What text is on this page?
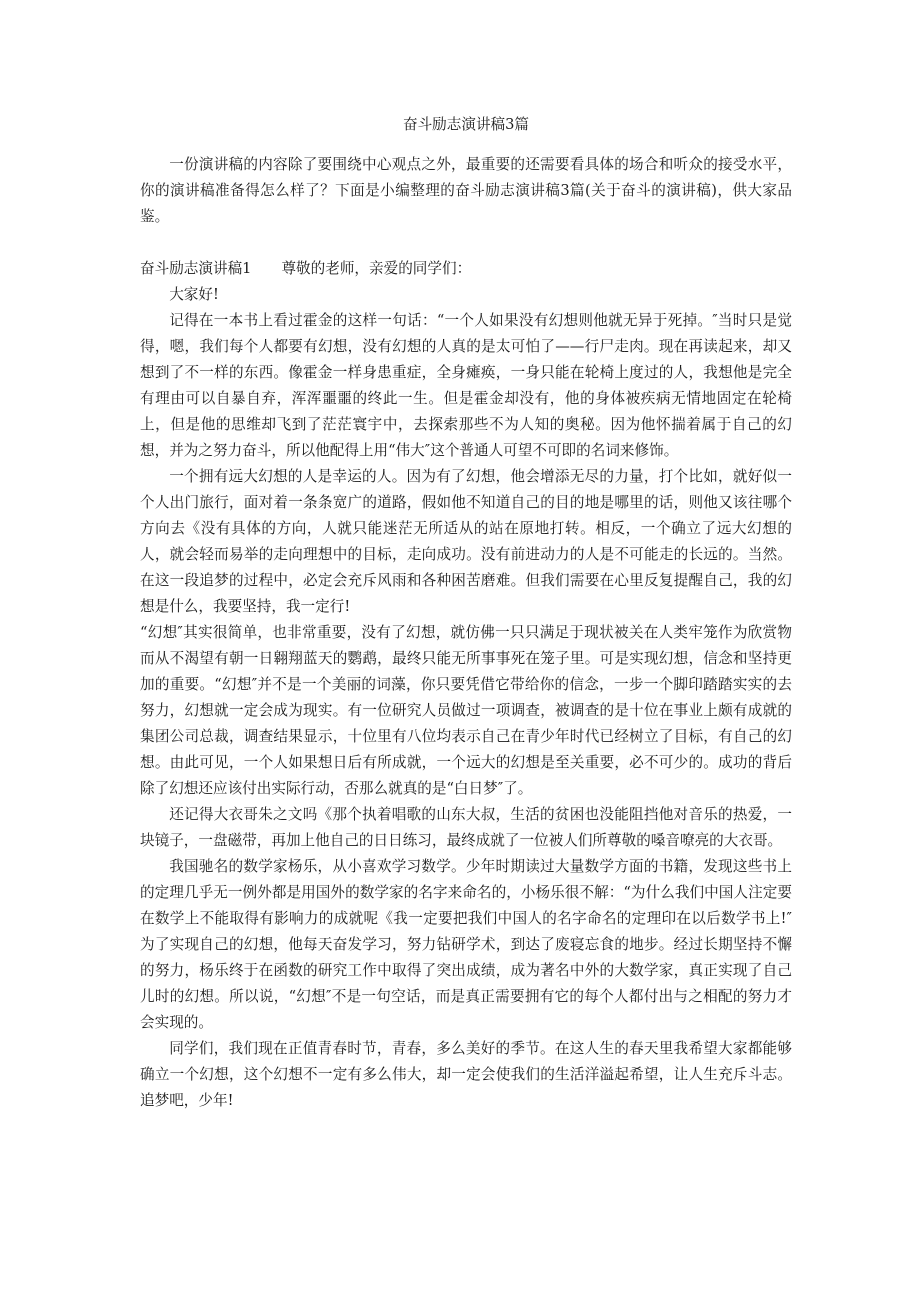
奋斗励志演讲稿3篇

一份演讲稿的内容除了要围绕中心观点之外，最重要的还需要看具体的场合和听众的接受水平，你的演讲稿准备得怎么样了？下面是小编整理的奋斗励志演讲稿3篇(关于奋斗的演讲稿)，供大家品鉴。

奋斗励志演讲稿1 尊敬的老师，亲爱的同学们：

大家好!

记得在一本书上看过霍金的这样一句话：“一个人如果没有幻想则他就无异于死掉。″当时只是觉得，嗯，我们每个人都要有幻想，没有幻想的人真的是太可怕了——行尸走肉。现在再读起来，却又想到了不一样的东西。像霍金一样身患重症，全身瘫痪，一身只能在轮椅上度过的人，我想他是完全有理由可以自暴自弃，浑浑噩噩的终此一生。但是霍金却没有，他的身体被疾病无情地固定在轮椅上，但是他的思维却飞到了茫茫寰宇中，去探索那些不为人知的奥秘。因为他怀揣着属于自己的幻想，并为之努力奋斗，所以他配得上用“伟大″这个普通人可望不可即的名词来修饰。

一个拥有远大幻想的人是幸运的人。因为有了幻想，他会增添无尽的力量，打个比如，就好似一个人出门旅行，面对着一条条宽广的道路，假如他不知道自己的目的地是哪里的话，则他又该往哪个方向去《没有具体的方向，人就只能迷茫无所适从的站在原地打转。相反，一个确立了远大幻想的人，就会轻而易举的走向理想中的目标，走向成功。没有前进动力的人是不可能走的长远的。当然。在这一段追梦的过程中，必定会充斥风雨和各种困苦磨难。但我们需要在心里反复提醒自己，我的幻想是什么，我要坚持，我一定行!

“幻想″其实很简单，也非常重要，没有了幻想，就仿佛一只只满足于现状被关在人类牢笼作为欣赏物而从不渴望有朝一日翱翔蓝天的鹦鹉，最终只能无所事事死在笼子里。可是实现幻想，信念和坚持更加的重要。“幻想″并不是一个美丽的词藻，你只要凭借它带给你的信念，一步一个脚印踏踏实实的去努力，幻想就一定会成为现实。有一位研究人员做过一项调查，被调查的是十位在事业上颇有成就的集团公司总裁，调查结果显示，十位里有八位均表示自己在青少年时代已经树立了目标，有自己的幻想。由此可见，一个人如果想日后有所成就，一个远大的幻想是至关重要，必不可少的。成功的背后除了幻想还应该付出实际行动，否那么就真的是“白日梦″了。

还记得大衣哥朱之文吗《那个执着唱歌的山东大叔，生活的贫困也没能阻挡他对音乐的热爱，一块镜子，一盘磁带，再加上他自己的日日练习，最终成就了一位被人们所尊敬的嗓音嘹亮的大衣哥。

我国驰名的数学家杨乐，从小喜欢学习数学。少年时期读过大量数学方面的书籍，发现这些书上的定理几乎无一例外都是用国外的数学家的名字来命名的，小杨乐很不解：“为什么我们中国人注定要在数学上不能取得有影响力的成就呢《我一定要把我们中国人的名字命名的定理印在以后数学书上!″为了实现自己的幻想，他每天奋发学习，努力钻研学术，到达了废寝忘食的地步。经过长期坚持不懈的努力，杨乐终于在函数的研究工作中取得了突出成绩，成为著名中外的大数学家，真正实现了自己儿时的幻想。所以说，“幻想″不是一句空话，而是真正需要拥有它的每个人都付出与之相配的努力才会实现的。

同学们，我们现在正值青春时节，青春，多么美好的季节。在这人生的春天里我希望大家都能够确立一个幻想，这个幻想不一定有多么伟大，却一定会使我们的生活洋溢起希望，让人生充斥斗志。追梦吧，少年!
